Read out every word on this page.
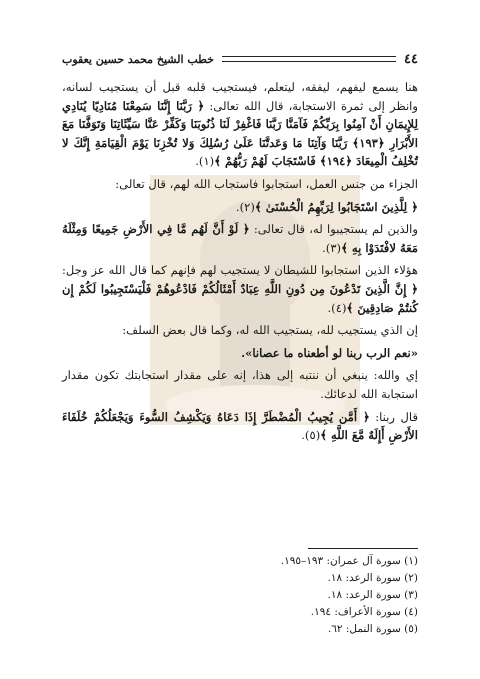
٤٤
خطب الشيخ محمد حسين يعقوب

هنا يسمع ليفهم، ليفقه، ليتعلم، فيستجيب قلبه قبل أن يستجيب لسانه، وانظر إلى ثمرة الاستجابة، قال الله تعالى: ﴿ رَبَّنَا إِنَّنَا سَمِعْنَا مُنَادِيًا يُنَادِي لِلإِيمَانِ أَنْ آمِنُوا بِرَبِّكُمْ فَآمَنَّا رَبَّنَا فَاغْفِرْ لَنَا ذُنُوبَنَا وَكَفِّرْ عَنَّا سَيِّئَاتِنَا وَتَوَفَّنَا مَعَ الأَبْرَارِ ﴿١٩٣﴾ رَبَّنَا وَآتِنَا مَا وَعَدتَّنَا عَلَىٰ رُسُلِكَ وَلا تُخْزِنَا يَوْمَ الْقِيَامَةِ إِنَّكَ لا تُخْلِفُ الْمِيعَادَ ﴿١٩٤﴾ فَاسْتَجَابَ لَهُمْ رَبُّهُمْ ﴾(١).

الجزاء من جنس العمل، استجابوا فاستجاب الله لهم، قال تعالى:

﴿ لِلَّذِينَ اسْتَجَابُوا لِرَبِّهِمُ الْحُسْنَىٰ ﴾(٢).

والذين لم يستجيبوا له، قال تعالى: ﴿ لَوْ أَنَّ لَهُم مَّا فِي الأَرْضِ جَمِيعًا وَمِثْلَهُ مَعَهُ لافْتَدَوْا بِهِ ﴾(٣).

هؤلاء الذين استجابوا للشيطان لا يستجيب لهم فإنهم كما قال الله عز وجل: ﴿ إِنَّ الَّذِينَ تَدْعُونَ مِن دُونِ اللَّهِ عِبَادٌ أَمْثَالُكُمْ فَادْعُوهُمْ فَلْيَسْتَجِيبُوا لَكُمْ إِن كُنتُمْ صَادِقِينَ ﴾(٤).

إن الذي يستجيب لله، يستجيب الله له، وكما قال بعض السلف:

«نعم الرب ربنا لو أطعناه ما عصانا».

إي والله: ينبغي أن ننتبه إلى هذا، إنه على مقدار استجابتك تكون مقدار استجابة الله لدعائك.

قال ربنا: ﴿ أَمَّن يُجِيبُ الْمُضْطَرَّ إِذَا دَعَاهُ وَيَكْشِفُ السُّوءَ وَيَجْعَلُكُمْ خُلَفَاءَ الأَرْضِ أَإِلَهٌ مَّعَ اللَّهِ ﴾(٥).

(١) سورة آل عمران: ١٩٣–١٩٥.
(٢) سورة الرعد: ١٨.
(٣) سورة الرعد: ١٨.
(٤) سورة الأعراف: ١٩٤.
(٥) سورة النمل: ٦٢.
